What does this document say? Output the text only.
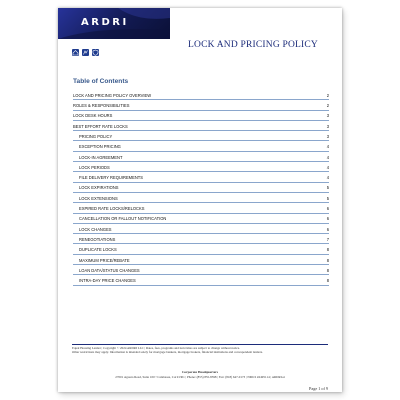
ARDRI
LOCK AND PRICING POLICY
Table of Contents
LOCK AND PRICING POLICY OVERVIEW	2
ROLES & RESPONSIBILITIES	2
LOCK DESK HOURS	3
BEST EFFORT RATE LOCKS	3
PRICING POLICY	3
EXCEPTION PRICING	4
LOCK-IN AGREEMENT	4
LOCK PERIODS	4
FILE DELIVERY REQUIREMENTS	4
LOCK EXPIRATIONS	5
LOCK EXTENSIONS	5
EXPIRED RATE LOCKS/RELOCKS	6
CANCELLATION OR FALLOUT NOTIFICATION	6
LOCK CHANGES	6
RENEGOTIATIONS	7
DUPLICATE LOCKS	8
MAXIMUM PRICE/REBATE	8
LOAN DATA/STATUS CHANGES	8
INTRA-DAY PRICE CHANGES	8
Equal Housing Lender | Copyright © 2024 ARDRI LLC | Rates, fees, programs and turn times are subject to change without notice.
Other restrictions may apply. Information is intended solely for mortgage bankers, mortgage brokers, financial institutions and correspondent lenders.
Corporate Headquarters
27001 Agoura Road, Suite 100 • Calabasas, CA 91301 | Phone: (855) 855-8598 | Fax: (818) 647-0173 | NMLS #2495114 | ARDRI.ai
Page 1 of 9
